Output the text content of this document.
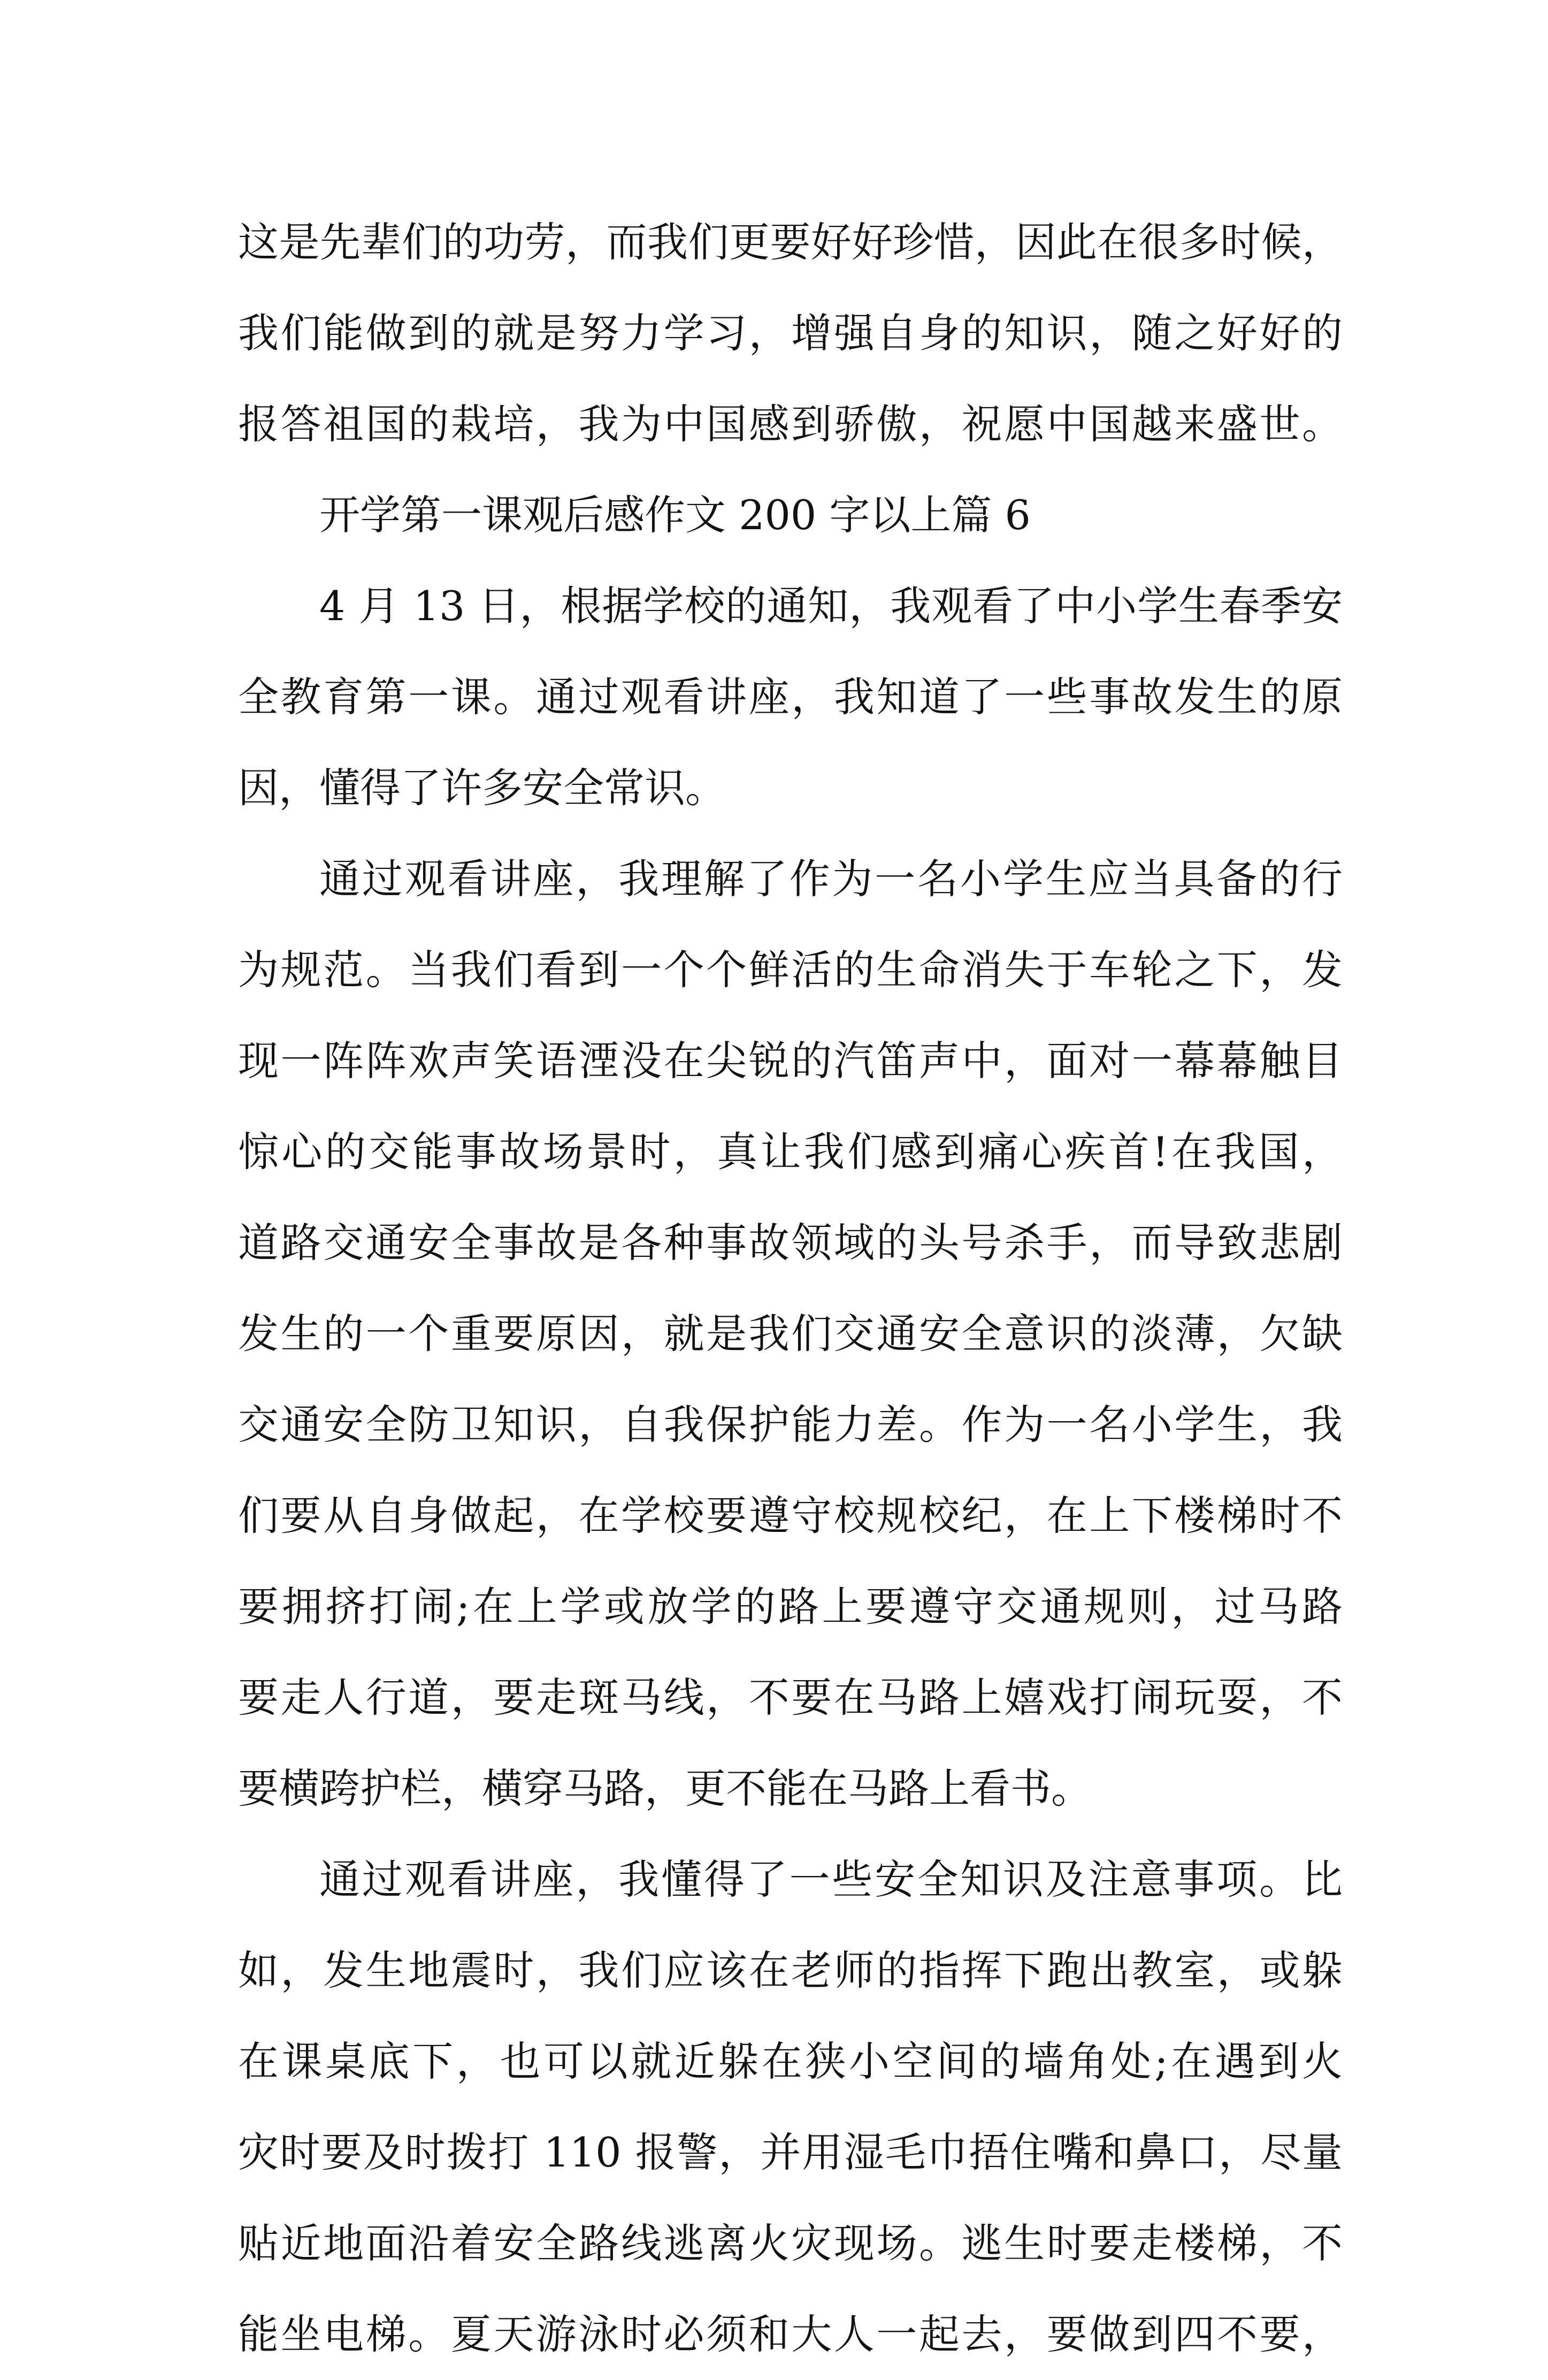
这是先辈们的功劳，而我们更要好好珍惜，因此在很多时候，
我们能做到的就是努力学习，增强自身的知识，随之好好的
报答祖国的栽培，我为中国感到骄傲，祝愿中国越来盛世。
开学第一课观后感作文 200 字以上篇 6
4 月 13 日，根据学校的通知，我观看了中小学生春季安
全教育第一课。通过观看讲座，我知道了一些事故发生的原
因，懂得了许多安全常识。
通过观看讲座，我理解了作为一名小学生应当具备的行
为规范。当我们看到一个个鲜活的生命消失于车轮之下，发
现一阵阵欢声笑语湮没在尖锐的汽笛声中，面对一幕幕触目
惊心的交能事故场景时，真让我们感到痛心疾首!在我国，
道路交通安全事故是各种事故领域的头号杀手，而导致悲剧
发生的一个重要原因，就是我们交通安全意识的淡薄，欠缺
交通安全防卫知识，自我保护能力差。作为一名小学生，我
们要从自身做起，在学校要遵守校规校纪，在上下楼梯时不
要拥挤打闹;在上学或放学的路上要遵守交通规则，过马路
要走人行道，要走斑马线，不要在马路上嬉戏打闹玩耍，不
要横跨护栏，横穿马路，更不能在马路上看书。
通过观看讲座，我懂得了一些安全知识及注意事项。比
如，发生地震时，我们应该在老师的指挥下跑出教室，或躲
在课桌底下，也可以就近躲在狭小空间的墙角处;在遇到火
灾时要及时拨打 110 报警，并用湿毛巾捂住嘴和鼻口，尽量
贴近地面沿着安全路线逃离火灾现场。逃生时要走楼梯，不
能坐电梯。夏天游泳时必须和大人一起去，要做到四不要，
